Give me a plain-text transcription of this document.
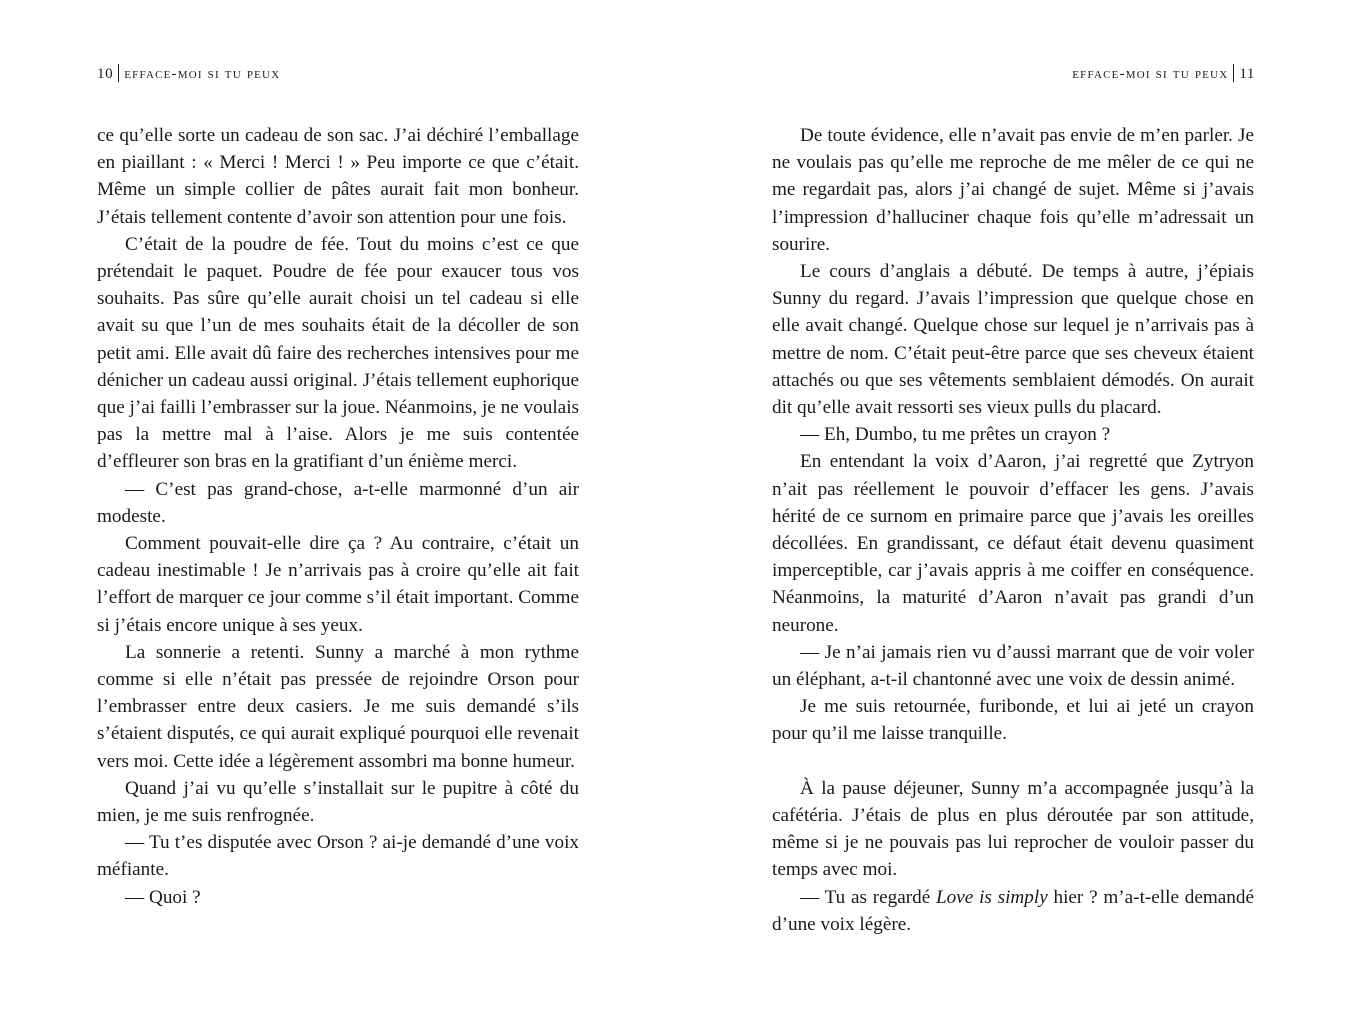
10 efface-moi si tu peux

ce qu’elle sorte un cadeau de son sac. J’ai déchiré l’emballage en piaillant : « Merci ! Merci ! » Peu importe ce que c’était. Même un simple collier de pâtes aurait fait mon bonheur. J’étais tellement contente d’avoir son attention pour une fois.

C’était de la poudre de fée. Tout du moins c’est ce que prétendait le paquet. Poudre de fée pour exaucer tous vos souhaits. Pas sûre qu’elle aurait choisi un tel cadeau si elle avait su que l’un de mes souhaits était de la décoller de son petit ami. Elle avait dû faire des recherches intensives pour me dénicher un cadeau aussi original. J’étais tellement euphorique que j’ai failli l’embrasser sur la joue. Néanmoins, je ne voulais pas la mettre mal à l’aise. Alors je me suis contentée d’effleurer son bras en la gratifiant d’un énième merci.

— C’est pas grand-chose, a-t-elle marmonné d’un air modeste.

Comment pouvait-elle dire ça ? Au contraire, c’était un cadeau inestimable ! Je n’arrivais pas à croire qu’elle ait fait l’effort de marquer ce jour comme s’il était important. Comme si j’étais encore unique à ses yeux.

La sonnerie a retenti. Sunny a marché à mon rythme comme si elle n’était pas pressée de rejoindre Orson pour l’embrasser entre deux casiers. Je me suis demandé s’ils s’étaient disputés, ce qui aurait expliqué pourquoi elle revenait vers moi. Cette idée a légèrement assombri ma bonne humeur.

Quand j’ai vu qu’elle s’installait sur le pupitre à côté du mien, je me suis renfrognée.

— Tu t’es disputée avec Orson ? ai-je demandé d’une voix méfiante.

— Quoi ?

efface-moi si tu peux 11

De toute évidence, elle n’avait pas envie de m’en parler. Je ne voulais pas qu’elle me reproche de me mêler de ce qui ne me regardait pas, alors j’ai changé de sujet. Même si j’avais l’impression d’halluciner chaque fois qu’elle m’adressait un sourire.

Le cours d’anglais a débuté. De temps à autre, j’épiais Sunny du regard. J’avais l’impression que quelque chose en elle avait changé. Quelque chose sur lequel je n’arrivais pas à mettre de nom. C’était peut-être parce que ses cheveux étaient attachés ou que ses vêtements semblaient démodés. On aurait dit qu’elle avait ressorti ses vieux pulls du placard.

— Eh, Dumbo, tu me prêtes un crayon ?

En entendant la voix d’Aaron, j’ai regretté que Zytryon n’ait pas réellement le pouvoir d’effacer les gens. J’avais hérité de ce surnom en primaire parce que j’avais les oreilles décollées. En grandissant, ce défaut était devenu quasiment imperceptible, car j’avais appris à me coiffer en conséquence. Néanmoins, la maturité d’Aaron n’avait pas grandi d’un neurone.

— Je n’ai jamais rien vu d’aussi marrant que de voir voler un éléphant, a-t-il chantonné avec une voix de dessin animé.

Je me suis retournée, furibonde, et lui ai jeté un crayon pour qu’il me laisse tranquille.

À la pause déjeuner, Sunny m’a accompagnée jusqu’à la cafétéria. J’étais de plus en plus déroutée par son attitude, même si je ne pouvais pas lui reprocher de vouloir passer du temps avec moi.

— Tu as regardé Love is simply hier ? m’a-t-elle demandé d’une voix légère.
